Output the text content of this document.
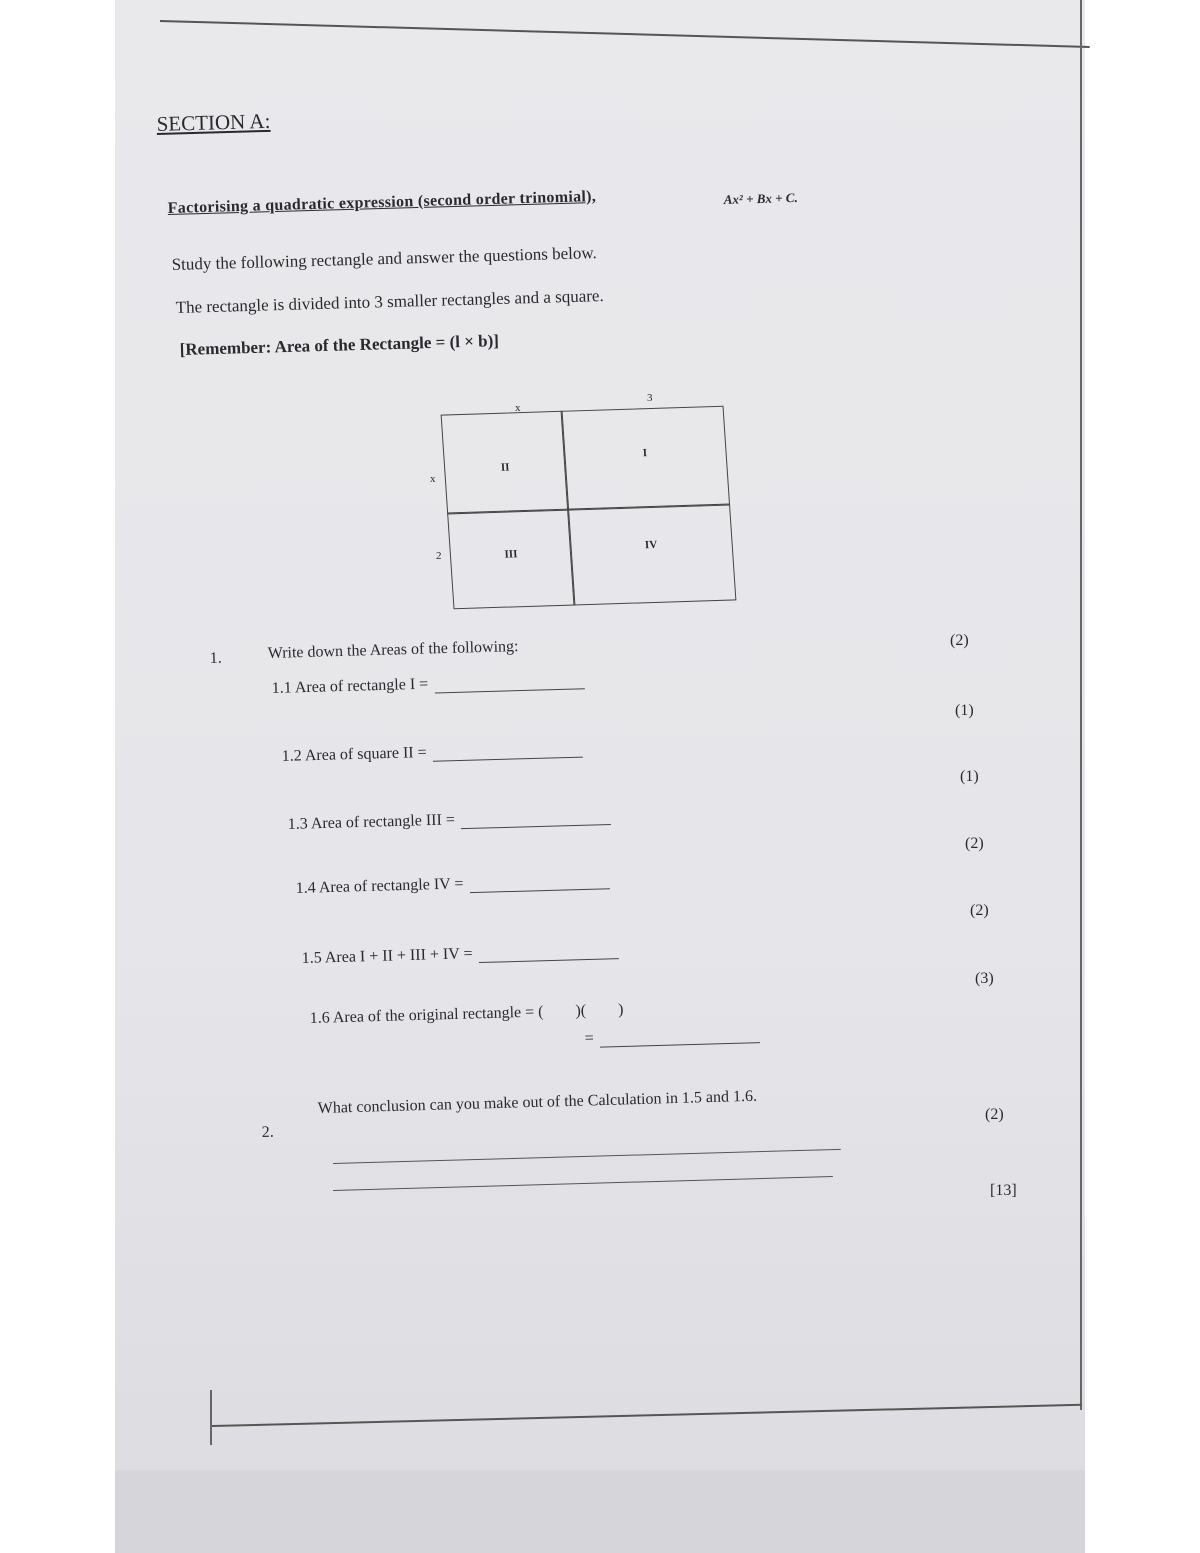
SECTION A:
Factorising a quadratic expression (second order trinomial),	Ax² + Bx + C.
Study the following rectangle and answer the questions below.
The rectangle is divided into 3 smaller rectangles and a square.
[Remember: Area of the Rectangle = (l × b)]
x
3
x
2
II
I
III
IV
1.	Write down the Areas of the following:	(2)
1.1 Area of rectangle I =
(1)
1.2 Area of square II =
(1)
1.3 Area of rectangle III =
(2)
1.4 Area of rectangle IV =
(2)
1.5 Area I + II + III + IV =
(3)
1.6 Area of the original rectangle = (        )(        )
=
2.
What conclusion can you make out of the Calculation in 1.5 and 1.6.	(2)
[13]
